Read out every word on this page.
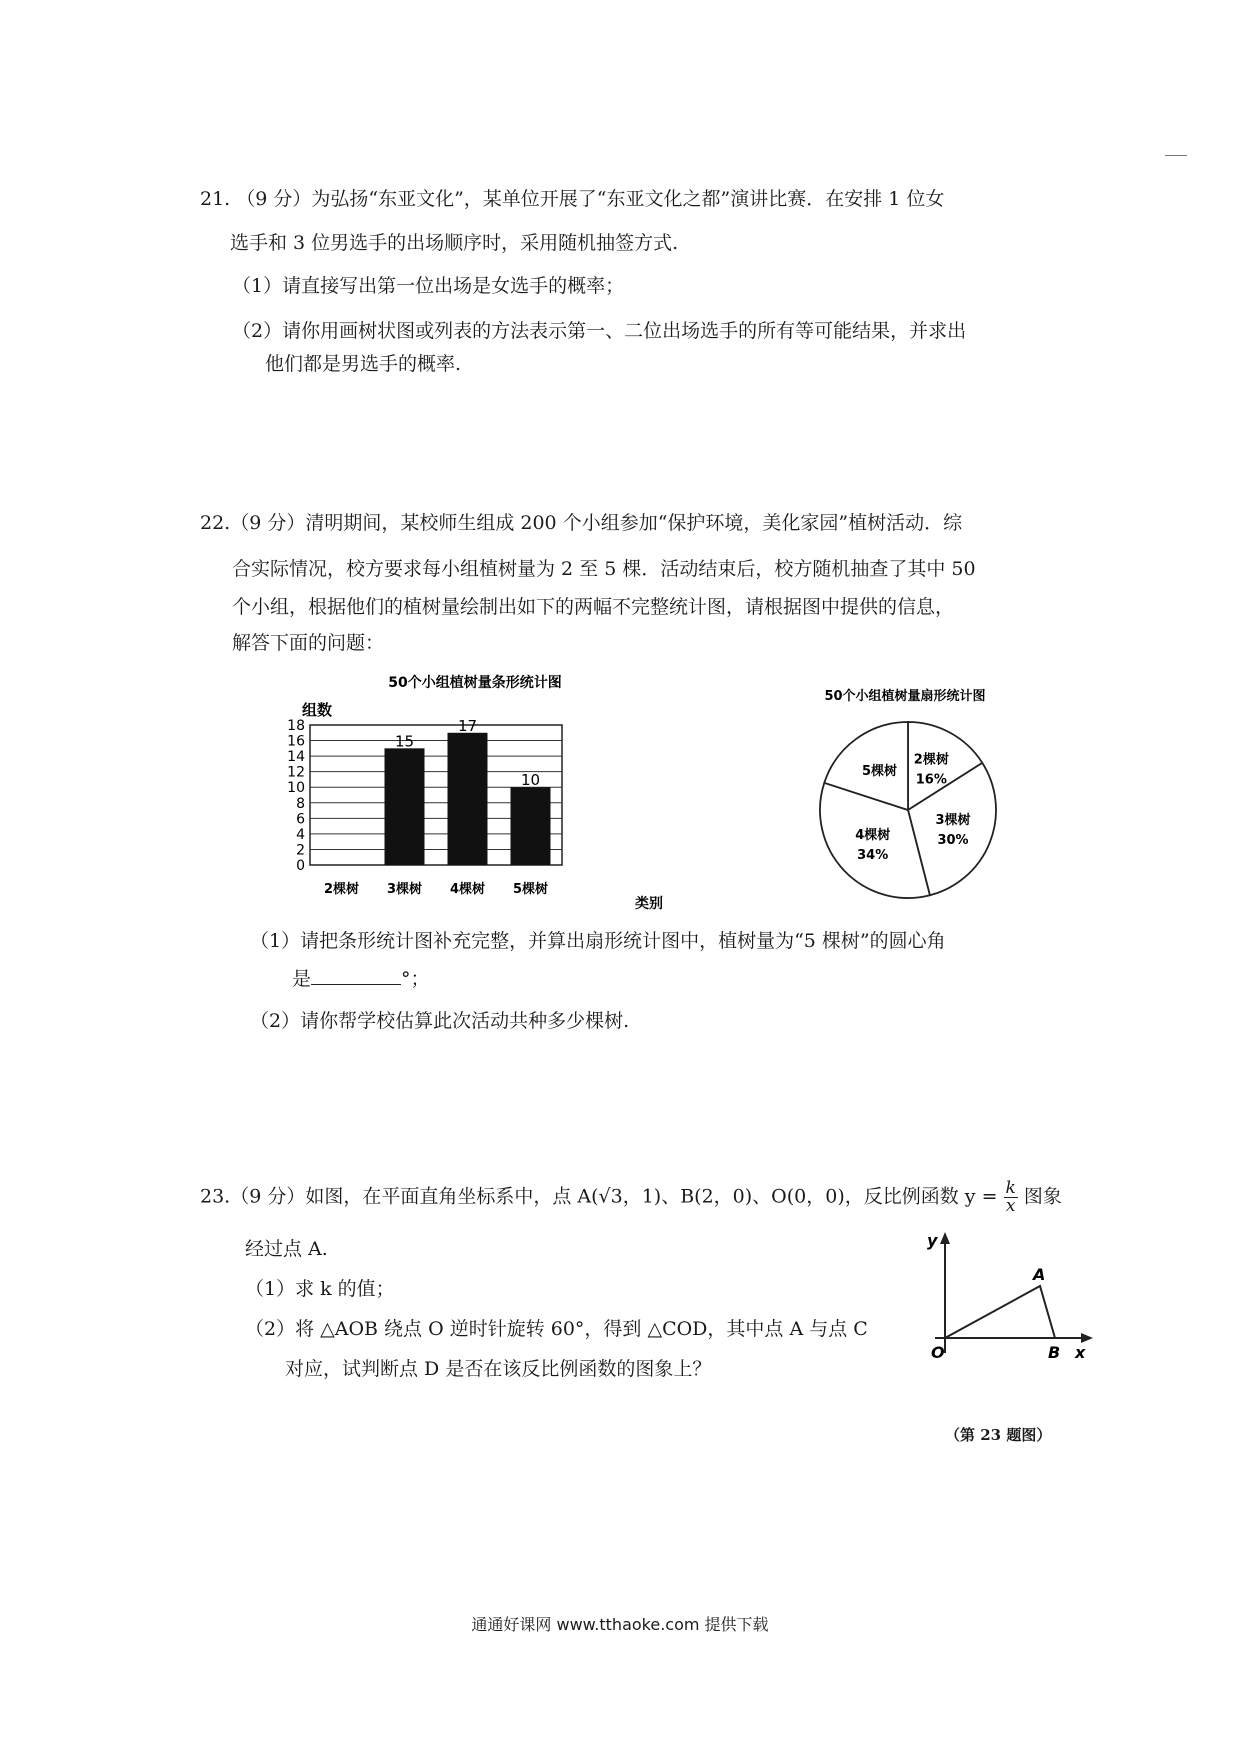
21. （9 分）为弘扬“东亚文化”，某单位开展了“东亚文化之都”演讲比赛．在安排 1 位女
选手和 3 位男选手的出场顺序时，采用随机抽签方式.
（1）请直接写出第一位出场是女选手的概率；
（2）请你用画树状图或列表的方法表示第一、二位出场选手的所有等可能结果，并求出
他们都是男选手的概率.
22.（9 分）清明期间，某校师生组成 200 个小组参加“保护环境，美化家园”植树活动．综
合实际情况，校方要求每小组植树量为 2 至 5 棵．活动结束后，校方随机抽查了其中 50
个小组，根据他们的植树量绘制出如下的两幅不完整统计图，请根据图中提供的信息，
解答下面的问题：
50个小组植树量条形统计图
组数
0
2
4
6
8
10
12
14
16
18
15
17
10
2棵树 3棵树 4棵树 5棵树
类别
50个小组植树量扇形统计图
2棵树
16%
3棵树
30%
4棵树
34%
5棵树
（1）请把条形统计图补充完整，并算出扇形统计图中，植树量为“5 棵树”的圆心角
是	°；
（2）请你帮学校估算此次活动共种多少棵树.
23.（9 分）如图，在平面直角坐标系中，点 A(√3，1)、B(2，0)、O(0，0)，反比例函数 $y = \frac{k}{x}$ 图象
经过点 A.
（1）求 k 的值；
（2）将 △AOB 绕点 O 逆时针旋转 60°，得到 △COD，其中点 A 与点 C
对应，试判断点 D 是否在该反比例函数的图象上？
y
O
A
B x
（第 23 题图）
通通好课网 www.tthaoke.com 提供下载
